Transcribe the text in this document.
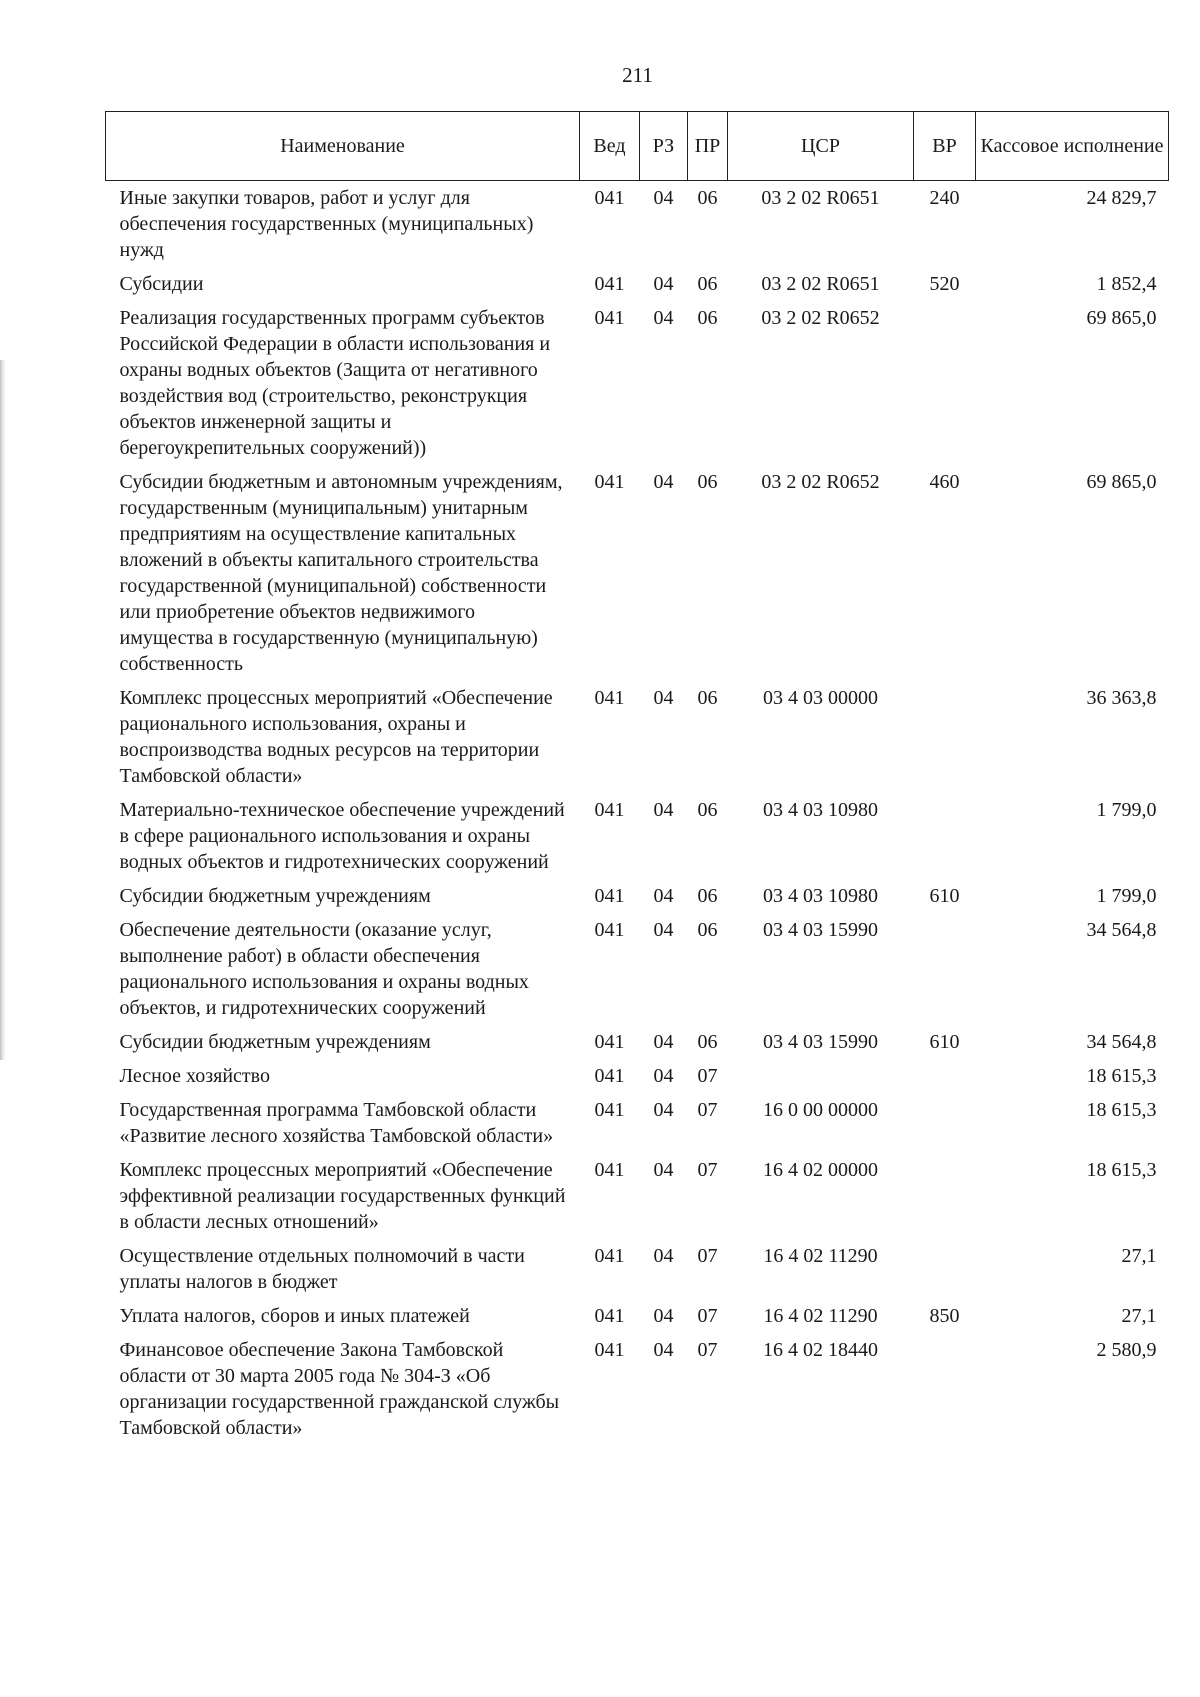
211
Наименование	Вед	РЗ	ПР	ЦСР	ВР	Кассовое исполнение
Иные закупки товаров, работ и услуг для обеспечения государственных (муниципальных) нужд	041	04	06	03 2 02 R0651	240	24 829,7
Субсидии	041	04	06	03 2 02 R0651	520	1 852,4
Реализация государственных программ субъектов Российской Федерации в области использования и охраны водных объектов (Защита от негативного воздействия вод (строительство, реконструкция объектов инженерной защиты и берегоукрепительных сооружений))	041	04	06	03 2 02 R0652		69 865,0
Субсидии бюджетным и автономным учреждениям, государственным (муниципальным) унитарным предприятиям на осуществление капитальных вложений в объекты капитального строительства государственной (муниципальной) собственности или приобретение объектов недвижимого имущества в государственную (муниципальную) собственность	041	04	06	03 2 02 R0652	460	69 865,0
Комплекс процессных мероприятий «Обеспечение рационального использования, охраны и воспроизводства водных ресурсов на территории Тамбовской области»	041	04	06	03 4 03 00000		36 363,8
Материально-техническое обеспечение учреждений в сфере рационального использования и охраны водных объектов и гидротехнических сооружений	041	04	06	03 4 03 10980		1 799,0
Субсидии бюджетным учреждениям	041	04	06	03 4 03 10980	610	1 799,0
Обеспечение деятельности (оказание услуг, выполнение работ) в области обеспечения рационального использования и охраны водных объектов, и гидротехнических сооружений	041	04	06	03 4 03 15990		34 564,8
Субсидии бюджетным учреждениям	041	04	06	03 4 03 15990	610	34 564,8
Лесное хозяйство	041	04	07			18 615,3
Государственная программа Тамбовской области «Развитие лесного хозяйства Тамбовской области»	041	04	07	16 0 00 00000		18 615,3
Комплекс процессных мероприятий «Обеспечение эффективной реализации государственных функций в области лесных отношений»	041	04	07	16 4 02 00000		18 615,3
Осуществление отдельных полномочий в части уплаты налогов в бюджет	041	04	07	16 4 02 11290		27,1
Уплата налогов, сборов и иных платежей	041	04	07	16 4 02 11290	850	27,1
Финансовое обеспечение Закона Тамбовской области от 30 марта 2005 года № 304-З «Об организации государственной гражданской службы Тамбовской области»	041	04	07	16 4 02 18440		2 580,9
